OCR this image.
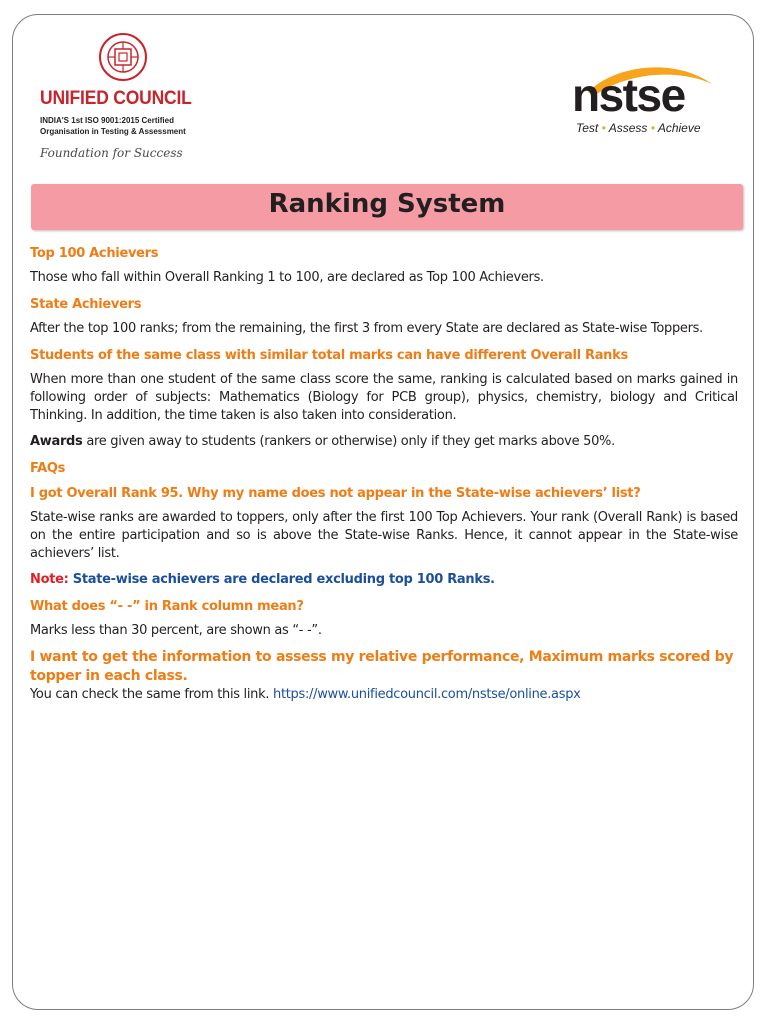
UNIFIED COUNCIL
INDIA'S 1st ISO 9001:2015 Certified
Organisation in Testing & Assessment
Foundation for Success
nstse
Test • Assess • Achieve
Ranking System

Top 100 Achievers

Those who fall within Overall Ranking 1 to 100, are declared as Top 100 Achievers.

State Achievers

After the top 100 ranks; from the remaining, the first 3 from every State are declared as State-wise Toppers.

Students of the same class with similar total marks can have different Overall Ranks

When more than one student of the same class score the same, ranking is calculated based on marks gained in following order of subjects: Mathematics (Biology for PCB group), physics, chemistry, biology and Critical Thinking. In addition, the time taken is also taken into consideration.

Awards are given away to students (rankers or otherwise) only if they get marks above 50%.

FAQs

I got Overall Rank 95. Why my name does not appear in the State-wise achievers’ list?

State-wise ranks are awarded to toppers, only after the first 100 Top Achievers. Your rank (Overall Rank) is based on the entire participation and so is above the State-wise Ranks. Hence, it cannot appear in the State-wise achievers’ list.

Note: State-wise achievers are declared excluding top 100 Ranks.

What does “- -” in Rank column mean?

Marks less than 30 percent, are shown as “- -”.

I want to get the information to assess my relative performance, Maximum marks scored by topper in each class.

You can check the same from this link. https://www.unifiedcouncil.com/nstse/online.aspx
